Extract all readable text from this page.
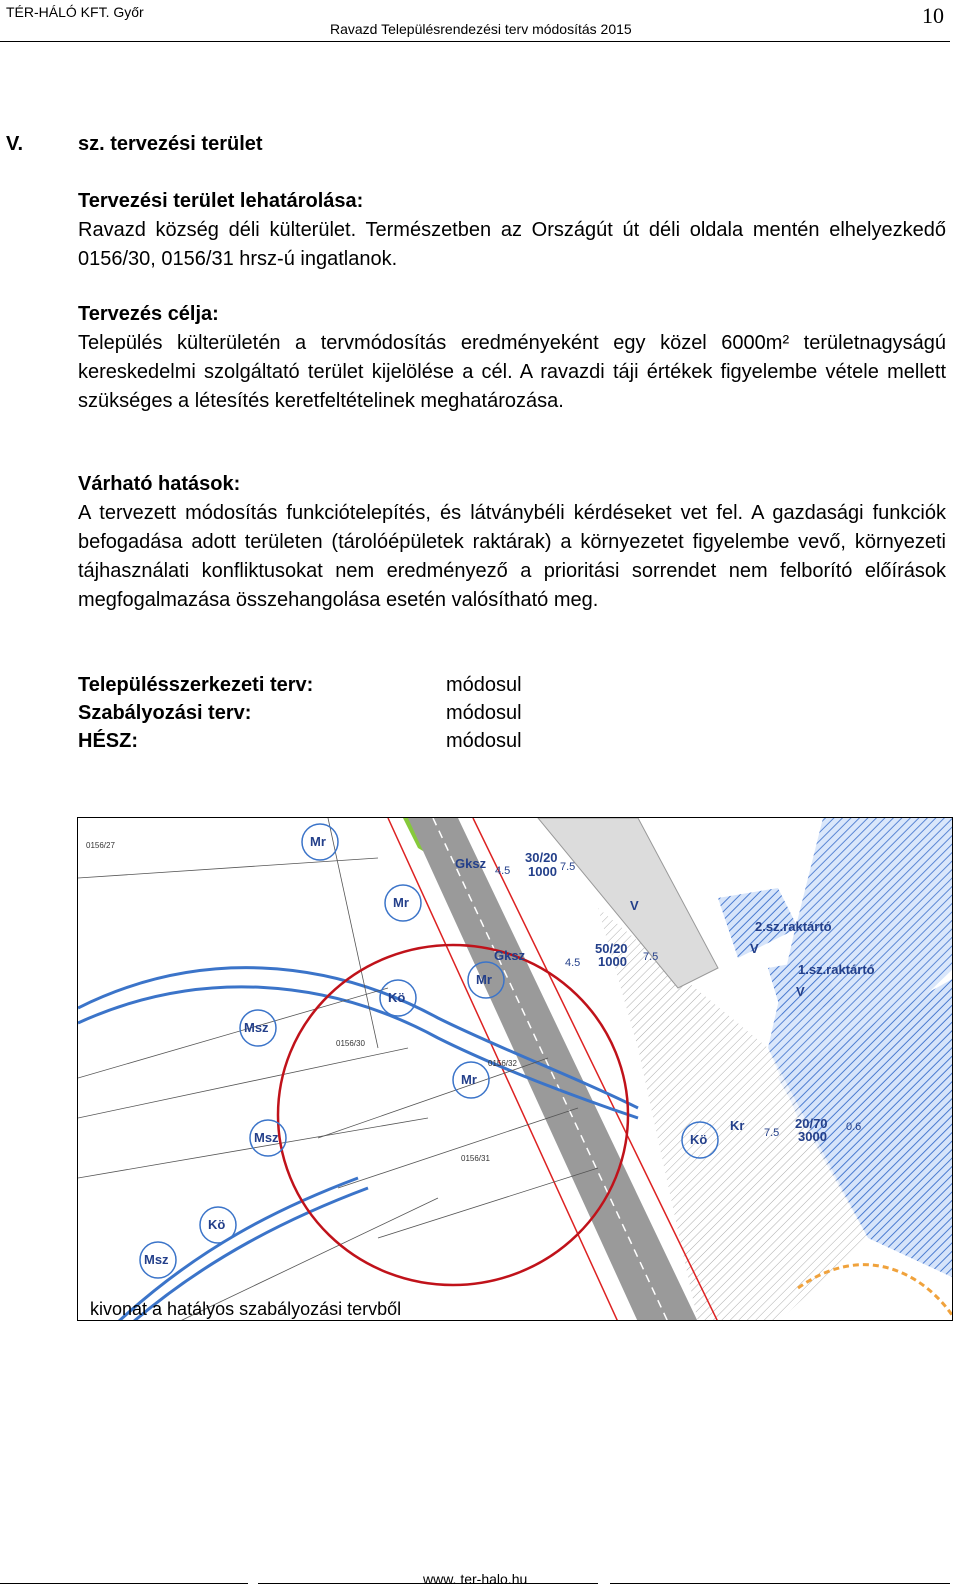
TÉR-HÁLÓ KFT. Győr
Ravazd Településrendezési terv módosítás 2015
10
V.	sz. tervezési terület
Tervezési terület lehatárolása:

Ravazd község déli külterület. Természetben az Országút út déli oldala mentén elhelyezkedő 0156/30, 0156/31 hrsz-ú ingatlanok.
Tervezés célja:

Település külterületén a tervmódosítás eredményeként egy közel 6000m² területnagyságú kereskedelmi szolgáltató terület kijelölése a cél. A ravazdi táji értékek figyelembe vétele mellett szükséges a létesítés keretfeltételinek meghatározása.
Várható hatások:

A tervezett módosítás funkciótelepítés, és látványbéli kérdéseket vet fel. A gazdasági funkciók befogadása adott területen (tárolóépületek raktárak) a környezetet figyelembe vevő, környezeti tájhasználati konfliktusokat nem eredményező a prioritási sorrendet nem felborító előírások megfogalmazása összehangolása esetén valósítható meg.
Településszerkezeti terv:	módosul
Szabályozási terv:	módosul
HÉSZ:	módosul
Mr
Mr
Mr
Mr
Msz
Msz
Msz
Kö
Kö
Kö
Gksz
Gksz
Kr
V
V
V
2.sz.raktártó
1.sz.raktártó
30/20
1000
50/20
1000
20/70
3000
4.5	7.5
4.5	7.5
7.5	0.6
0156/30
0156/31
0156/32
0156/27
kivonat a hatályos szabályozási tervből
www. ter-halo.hu
